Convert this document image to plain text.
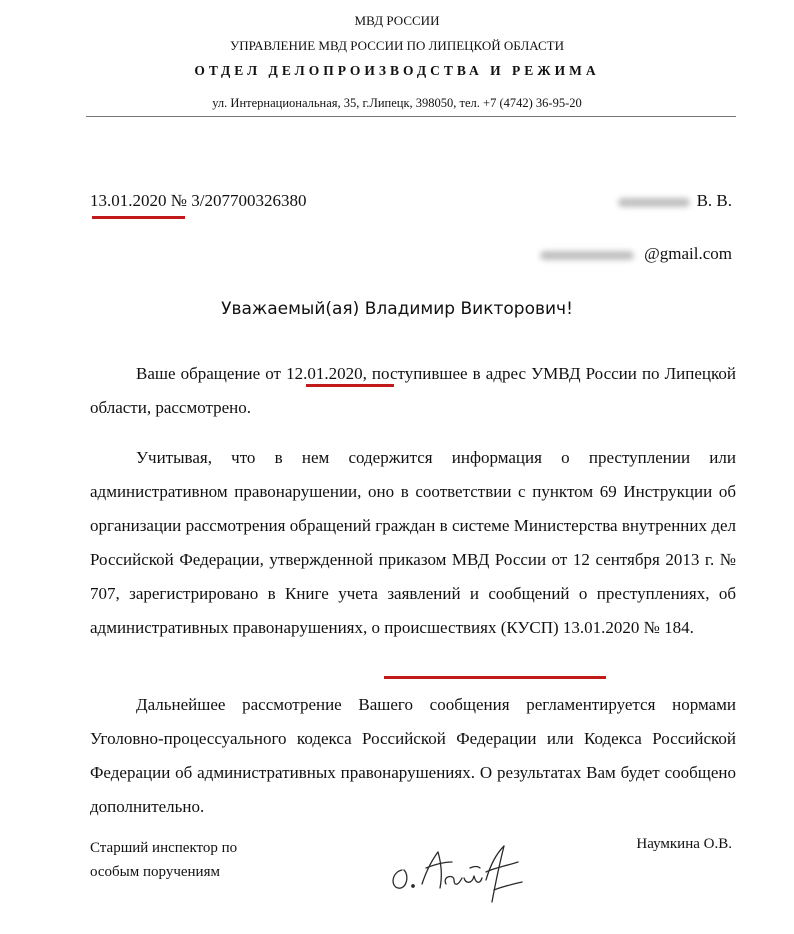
МВД РОССИИ
УПРАВЛЕНИЕ МВД РОССИИ ПО ЛИПЕЦКОЙ ОБЛАСТИ
ОТДЕЛ ДЕЛОПРОИЗВОДСТВА И РЕЖИМА
ул. Интернациональная, 35, г.Липецк, 398050, тел. +7 (4742) 36-95-20
13.01.2020 № 3/207700326380	В. В.
@gmail.com
Уважаемый(ая) Владимир Викторович!

Ваше обращение от 12.01.2020, поступившее в адрес УМВД России по Липецкой области, рассмотрено.

Учитывая, что в нем содержится информация о преступлении или административном правонарушении, оно в соответствии с пунктом 69 Инструкции об организации рассмотрения обращений граждан в системе Министерства внутренних дел Российской Федерации, утвержденной приказом МВД России от 12 сентября 2013 г. № 707, зарегистрировано в Книге учета заявлений и сообщений о преступлениях, об административных правонарушениях, о происшествиях (КУСП) 13.01.2020 № 184.

Дальнейшее рассмотрение Вашего сообщения регламентируется нормами Уголовно-процессуального кодекса Российской Федерации или Кодекса Российской Федерации об административных правонарушениях. О результатах Вам будет сообщено дополнительно.

Старший инспектор по
особым поручениям
Наумкина О.В.
